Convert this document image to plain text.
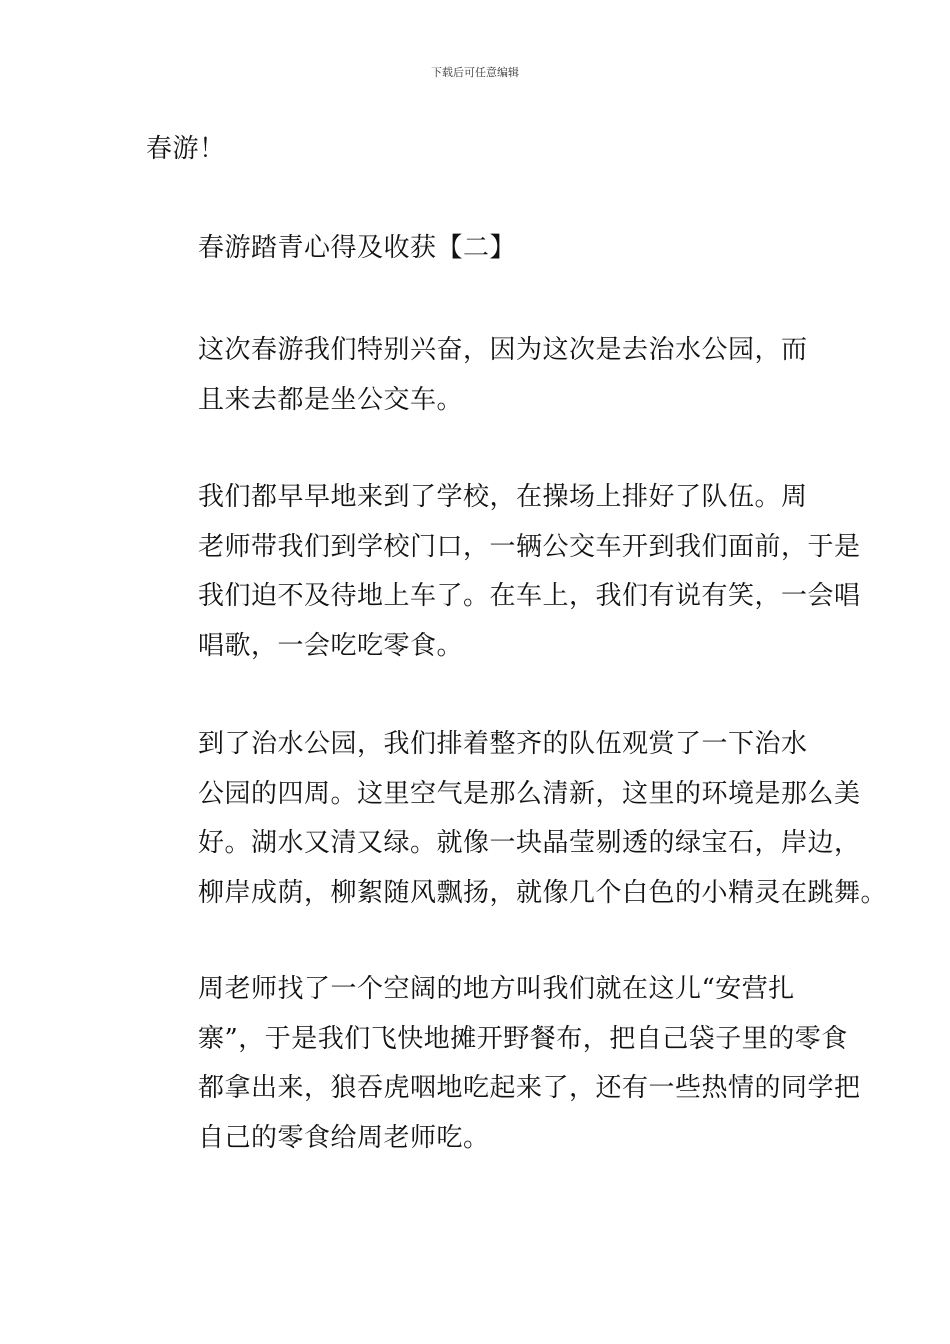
下载后可任意编辑

春游！

春游踏青心得及收获【二】

这次春游我们特别兴奋，因为这次是去治水公园，而
且来去都是坐公交车。

我们都早早地来到了学校，在操场上排好了队伍。周
老师带我们到学校门口，一辆公交车开到我们面前，于是
我们迫不及待地上车了。在车上，我们有说有笑，一会唱
唱歌，一会吃吃零食。

到了治水公园，我们排着整齐的队伍观赏了一下治水
公园的四周。这里空气是那么清新，这里的环境是那么美
好。湖水又清又绿。就像一块晶莹剔透的绿宝石，岸边，
柳岸成荫，柳絮随风飘扬，就像几个白色的小精灵在跳舞。

周老师找了一个空阔的地方叫我们就在这儿“安营扎
寨”，于是我们飞快地摊开野餐布，把自己袋子里的零食
都拿出来，狼吞虎咽地吃起来了，还有一些热情的同学把
自己的零食给周老师吃。
